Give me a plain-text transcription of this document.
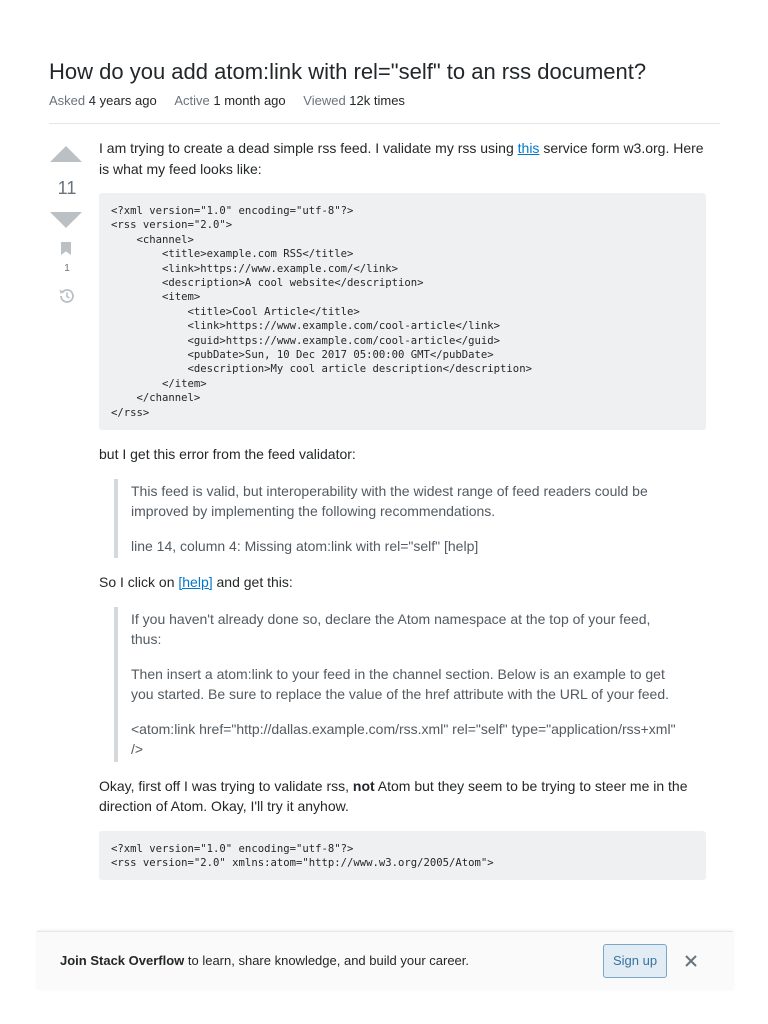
How do you add atom:link with rel="self" to an rss document?
Asked 4 years ago Active 1 month ago Viewed 12k times
11
1

I am trying to create a dead simple rss feed. I validate my rss using this service form w3.org. Here is what my feed looks like:

<?xml version="1.0" encoding="utf-8"?>
<rss version="2.0">
<channel>
<title>example.com RSS</title>
<link>https://www.example.com/</link>
<description>A cool website</description>
<item>
<title>Cool Article</title>
<link>https://www.example.com/cool-article</link>
<guid>https://www.example.com/cool-article</guid>
<pubDate>Sun, 10 Dec 2017 05:00:00 GMT</pubDate>
<description>My cool article description</description>
</item>
</channel>
</rss>

but I get this error from the feed validator:

This feed is valid, but interoperability with the widest range of feed readers could be improved by implementing the following recommendations.

line 14, column 4: Missing atom:link with rel="self" [help]

So I click on [help] and get this:

If you haven't already done so, declare the Atom namespace at the top of your feed, thus:

Then insert a atom:link to your feed in the channel section. Below is an example to get you started. Be sure to replace the value of the href attribute with the URL of your feed.

<atom:link href="http://dallas.example.com/rss.xml" rel="self" type="application/rss+xml" />

Okay, first off I was trying to validate rss, not Atom but they seem to be trying to steer me in the direction of Atom. Okay, I'll try it anyhow.

<?xml version="1.0" encoding="utf-8"?>
<rss version="2.0" xmlns:atom="http://www.w3.org/2005/Atom">
Join Stack Overflow to learn, share knowledge, and build your career.	Sign up
